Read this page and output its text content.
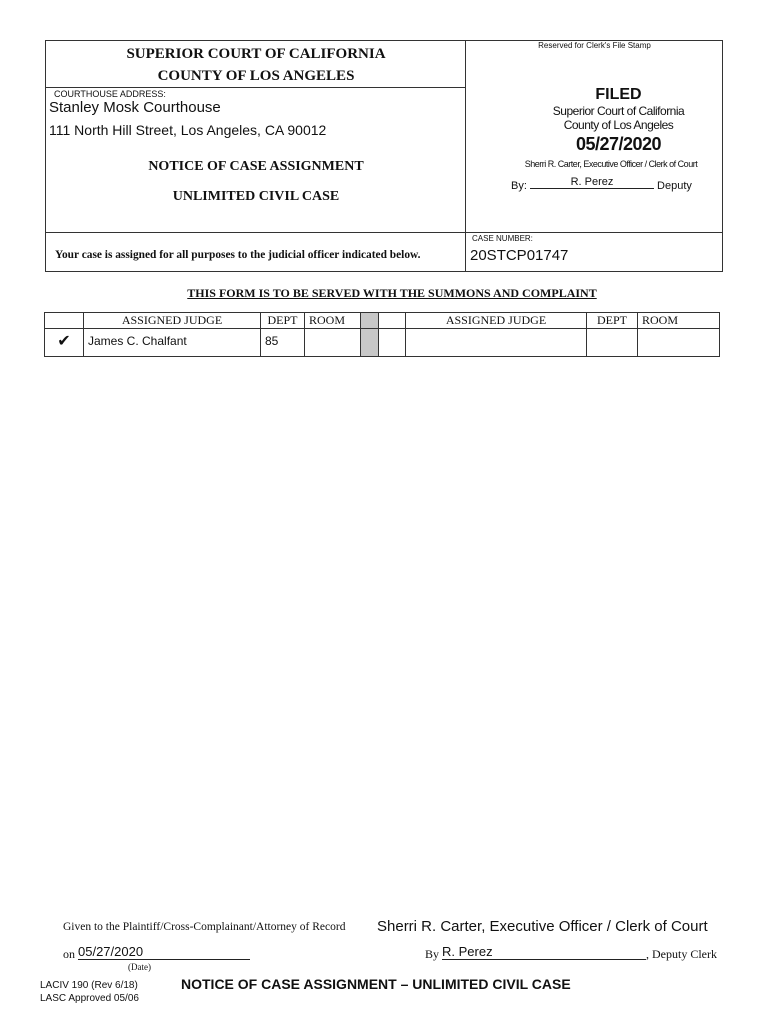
SUPERIOR COURT OF CALIFORNIA
COUNTY OF LOS ANGELES
COURTHOUSE ADDRESS:
Stanley Mosk Courthouse
111 North Hill Street, Los Angeles, CA 90012
NOTICE OF CASE ASSIGNMENT
UNLIMITED CIVIL CASE
Your case is assigned for all purposes to the judicial officer indicated below.
Reserved for Clerk's File Stamp
FILED
Superior Court of California
County of Los Angeles
05/27/2020
Sherri R. Carter, Executive Officer / Clerk of Court
By:	R. Perez	Deputy
CASE NUMBER:
20STCP01747
THIS FORM IS TO BE SERVED WITH THE SUMMONS AND COMPLAINT
	ASSIGNED JUDGE	DEPT	ROOM			ASSIGNED JUDGE	DEPT	ROOM
✔	James C. Chalfant	85						
Given to the Plaintiff/Cross-Complainant/Attorney of Record Sherri R. Carter, Executive Officer / Clerk of Court
on 05/27/2020
(Date)
By R. Perez	, Deputy Clerk
LACIV 190 (Rev 6/18)
LASC Approved 05/06
NOTICE OF CASE ASSIGNMENT – UNLIMITED CIVIL CASE
